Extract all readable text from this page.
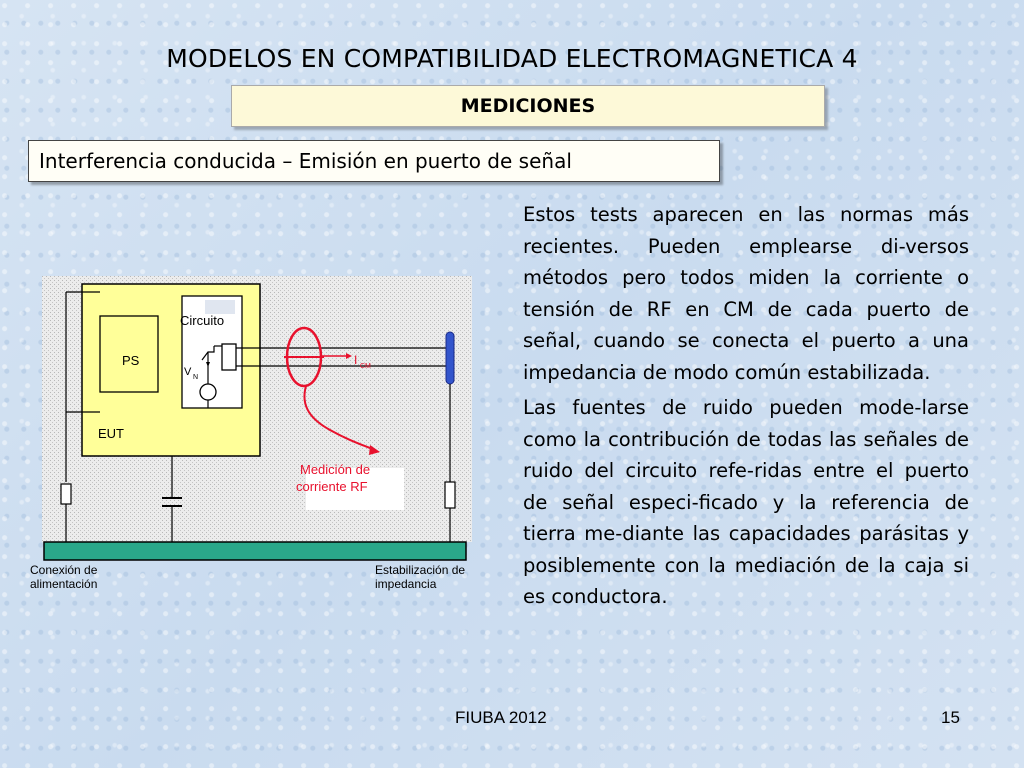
MODELOS EN COMPATIBILIDAD ELECTROMAGNETICA 4
MEDICIONES
Interferencia conducida – Emisión en puerto de señal

Estos tests aparecen en las normas más recientes. Pueden emplearse di-versos métodos pero todos miden la corriente o tensión de RF en CM de cada puerto de señal, cuando se conecta el puerto a una impedancia de modo común estabilizada.

Las fuentes de ruido pueden mode-larse como la contribución de todas las señales de ruido del circuito refe-ridas entre el puerto de señal especi-ficado y la referencia de tierra me-diante las capacidades parásitas y posiblemente con la mediación de la caja si es conductora.

PS
EUT
Circuito
V N
I CM
Medición de
corriente RF
Conexión de
alimentación
Estabilización de
impedancia
FIUBA 2012	15
